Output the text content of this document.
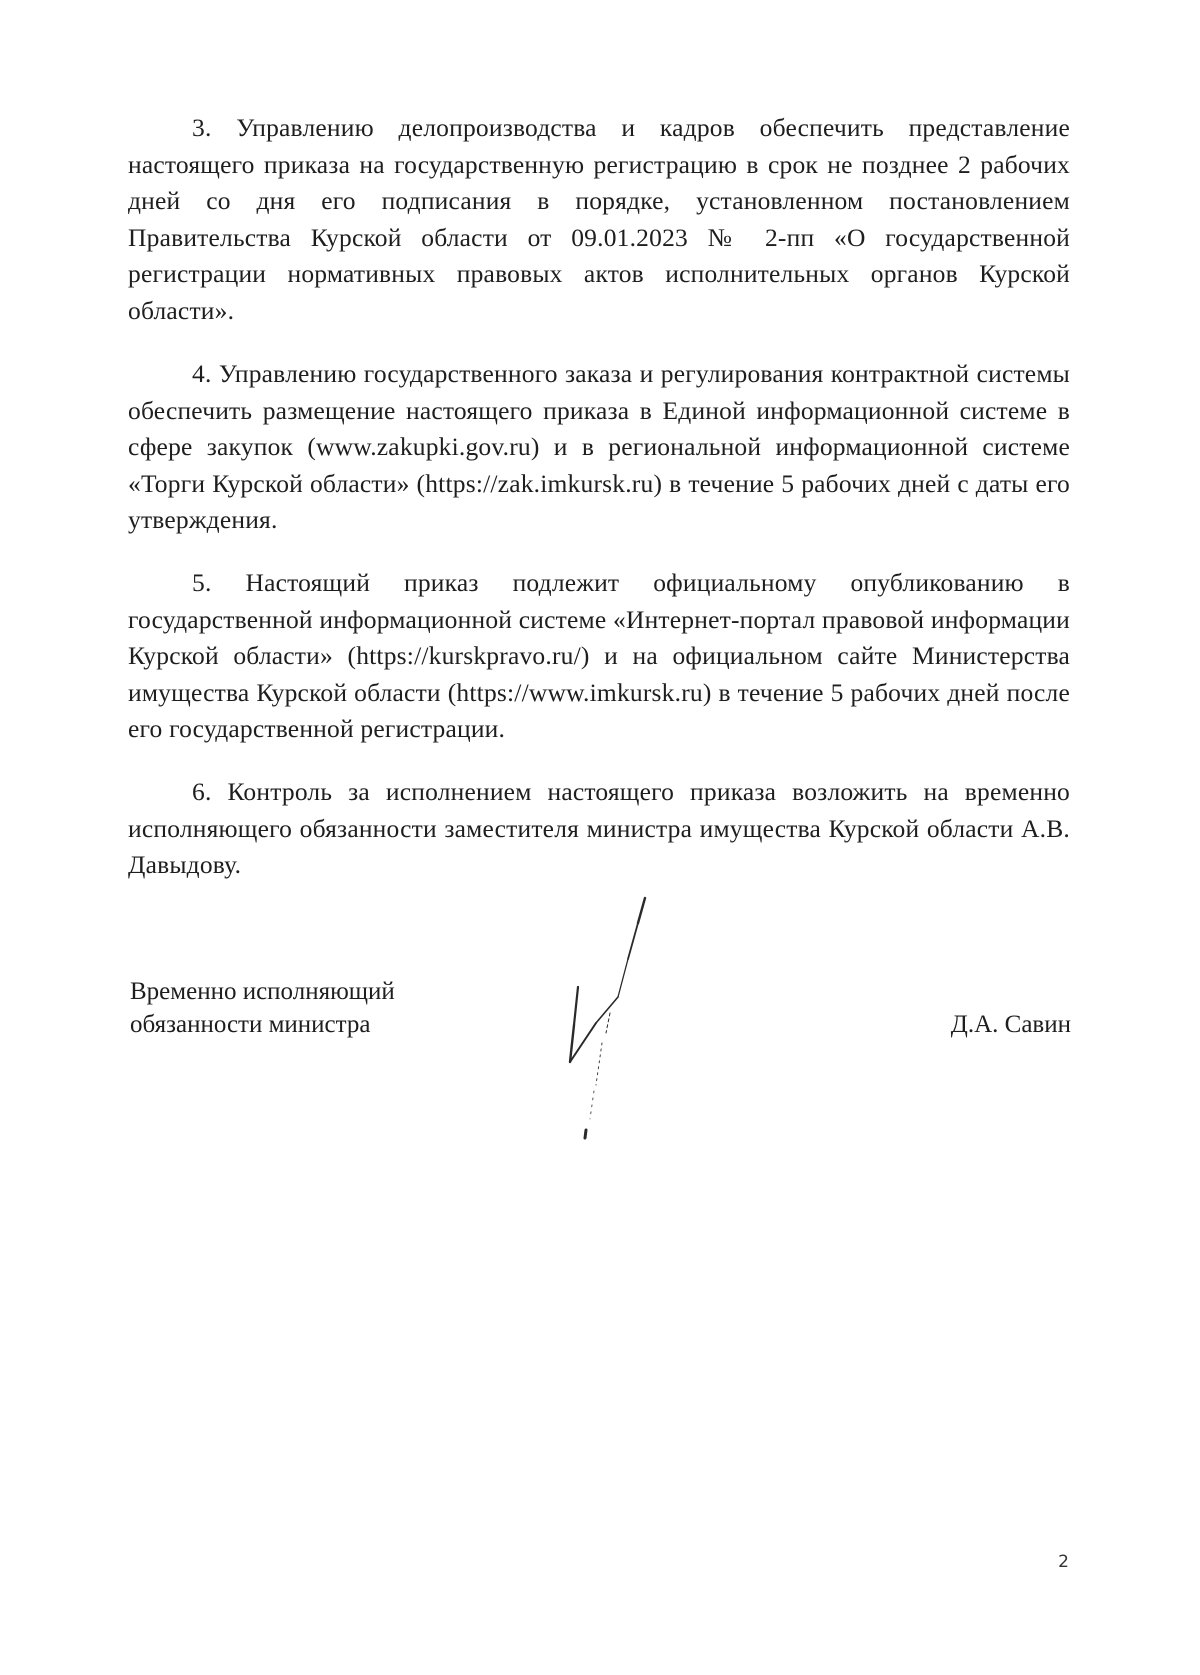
3. Управлению делопроизводства и кадров обеспечить представление настоящего приказа на государственную регистрацию в срок не позднее 2 рабочих дней со дня его подписания в порядке, установленном постановлением Правительства Курской области от 09.01.2023 № 2-пп «О государственной регистрации нормативных правовых актов исполнительных органов Курской области».

4. Управлению государственного заказа и регулирования контрактной системы обеспечить размещение настоящего приказа в Единой информационной системе в сфере закупок (www.zakupki.gov.ru) и в региональной информационной системе «Торги Курской области» (https://zak.imkursk.ru) в течение 5 рабочих дней с даты его утверждения.

5. Настоящий приказ подлежит официальному опубликованию в государственной информационной системе «Интернет-портал правовой информации Курской области» (https://kurskpravo.ru/) и на официальном сайте Министерства имущества Курской области (https://www.imkursk.ru) в течение 5 рабочих дней после его государственной регистрации.

6. Контроль за исполнением настоящего приказа возложить на временно исполняющего обязанности заместителя министра имущества Курской области А.В. Давыдову.

Временно исполняющий
обязанности министра	Д.А. Савин
2
